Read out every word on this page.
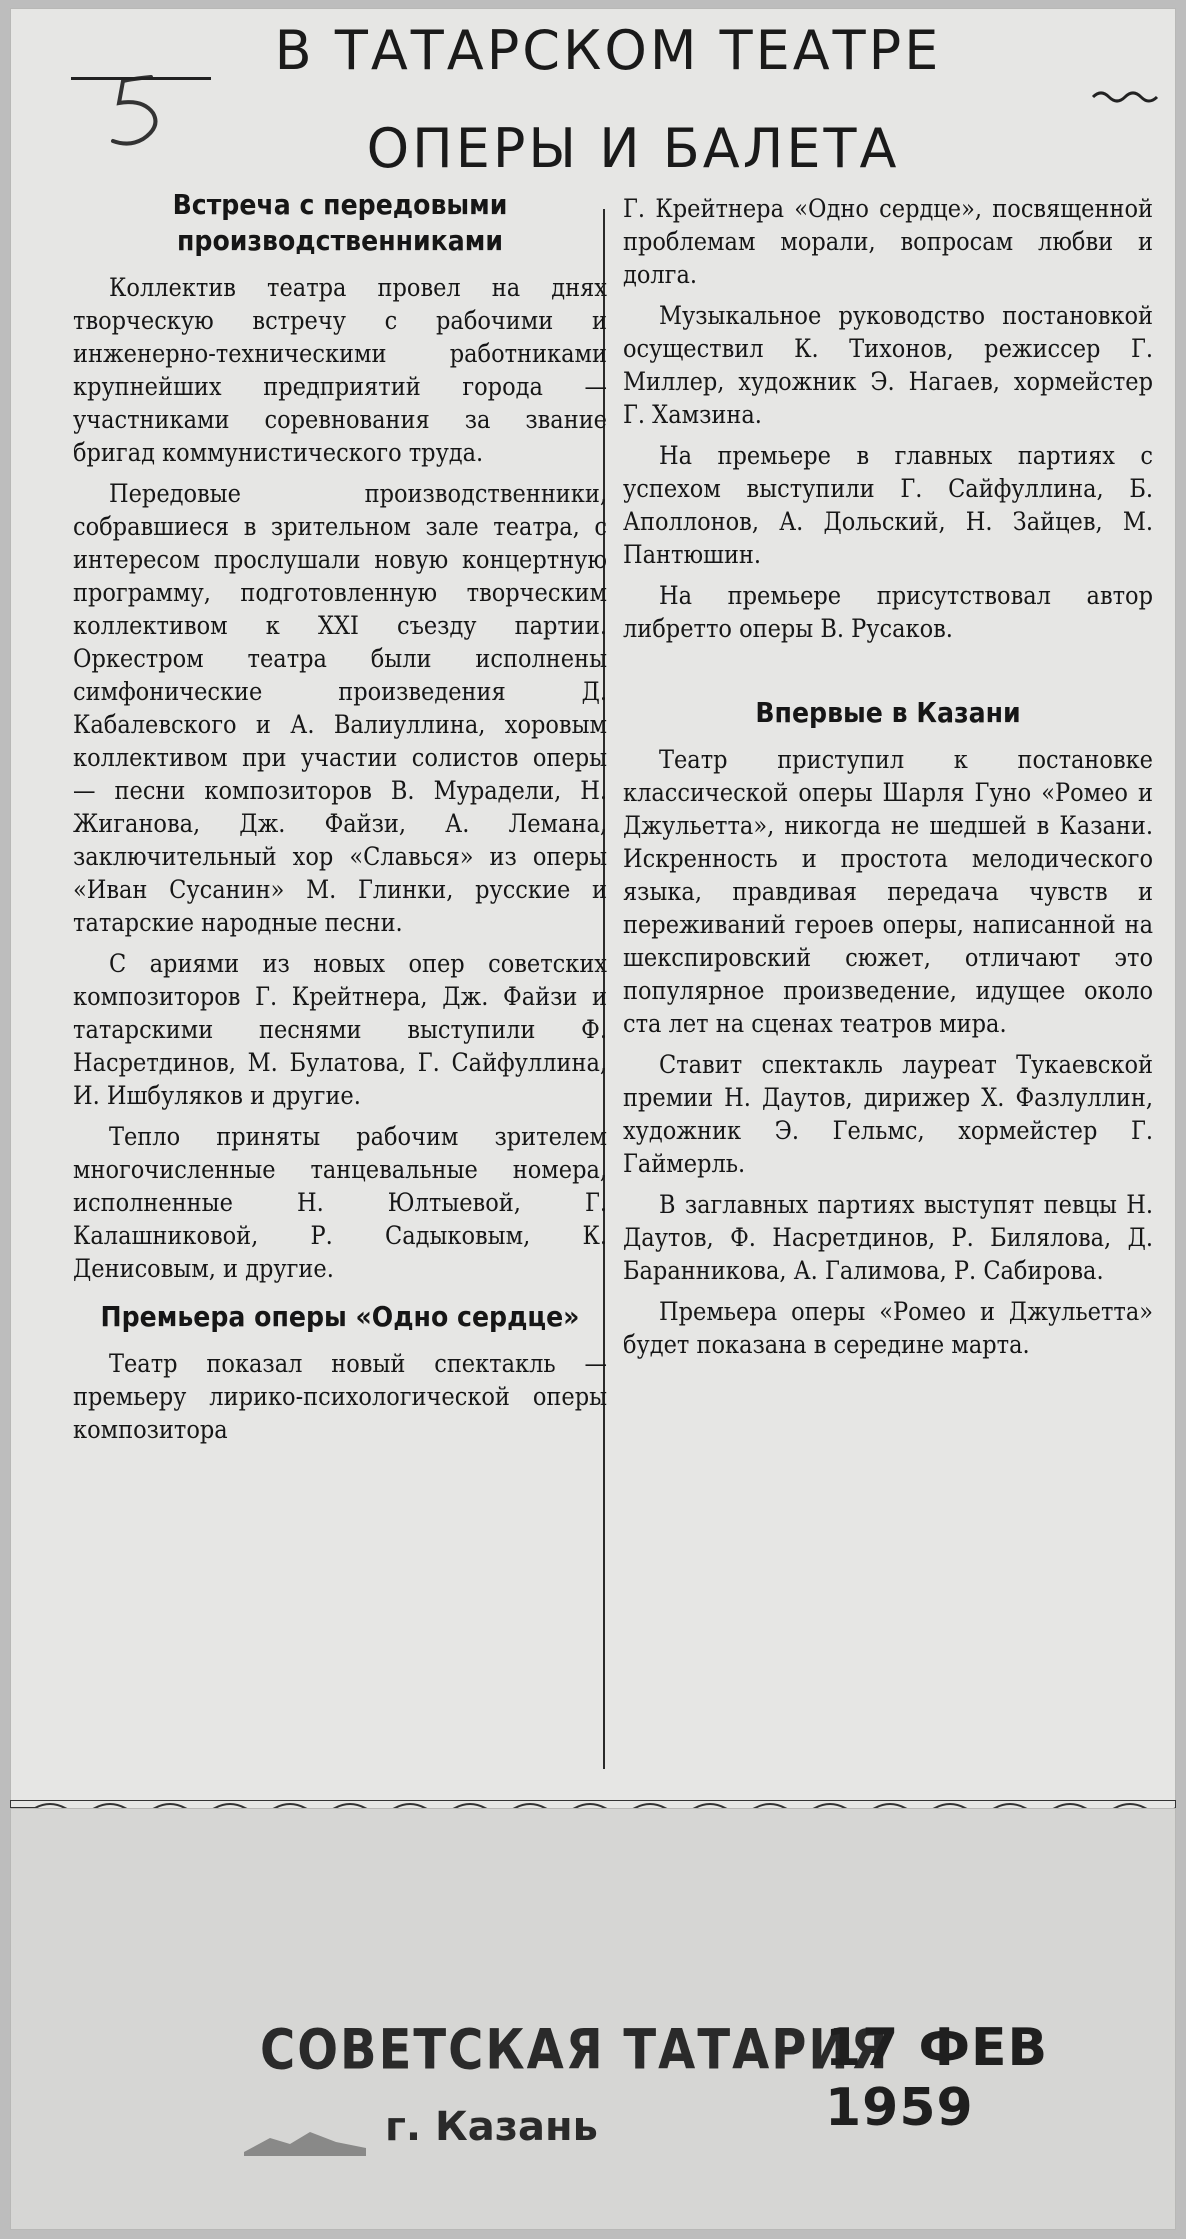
В ТАТАРСКОМ ТЕАТРЕ
ОПЕРЫ И БАЛЕТА
Встреча с передовыми производственниками

Коллектив театра провел на днях творческую встречу с рабочими и инженерно-техническими работниками крупнейших предприятий города — участниками соревнования за звание бригад коммунистического труда.

Передовые производственники, собравшиеся в зрительном зале театра, с интересом прослушали новую концертную программу, подготовленную творческим коллективом к XXI съезду партии. Оркестром театра были исполнены симфонические произведения Д. Кабалевского и А. Валиуллина, хоровым коллективом при участии солистов оперы — песни композиторов В. Мурадели, Н. Жиганова, Дж. Файзи, А. Лемана, заключительный хор «Славься» из оперы «Иван Сусанин» М. Глинки, русские и татарские народные песни.

С ариями из новых опер советских композиторов Г. Крейтнера, Дж. Файзи и татарскими песнями выступили Ф. Насретдинов, М. Булатова, Г. Сайфуллина, И. Ишбуляков и другие.

Тепло приняты рабочим зрителем многочисленные танцевальные номера, исполненные Н. Юлтыевой, Г. Калашниковой, Р. Садыковым, К. Денисовым, и другие.

Премьера оперы «Одно сердце»

Театр показал новый спектакль — премьеру лирико-психологической оперы композитора

Г. Крейтнера «Одно сердце», посвященной проблемам морали, вопросам любви и долга.

Музыкальное руководство постановкой осуществил К. Тихонов, режиссер Г. Миллер, художник Э. Нагаев, хормейстер Г. Хамзина.

На премьере в главных партиях с успехом выступили Г. Сайфуллина, Б. Аполлонов, А. Дольский, Н. Зайцев, М. Пантюшин.

На премьере присутствовал автор либретто оперы В. Русаков.

Впервые в Казани

Театр приступил к постановке классической оперы Шарля Гуно «Ромео и Джульетта», никогда не шедшей в Казани. Искренность и простота мелодического языка, правдивая передача чувств и переживаний героев оперы, написанной на шекспировский сюжет, отличают это популярное произведение, идущее около ста лет на сценах театров мира.

Ставит спектакль лауреат Тукаевской премии Н. Даутов, дирижер Х. Фазлуллин, художник Э. Гельмс, хормейстер Г. Гаймерль.

В заглавных партиях выступят певцы Н. Даутов, Ф. Насретдинов, Р. Билялова, Д. Баранникова, А. Галимова, Р. Сабирова.

Премьера оперы «Ромео и Джульетта» будет показана в середине марта.

СОВЕТСКАЯ ТАТАРИЯ
17 ФЕВ 1959
г. Казань
